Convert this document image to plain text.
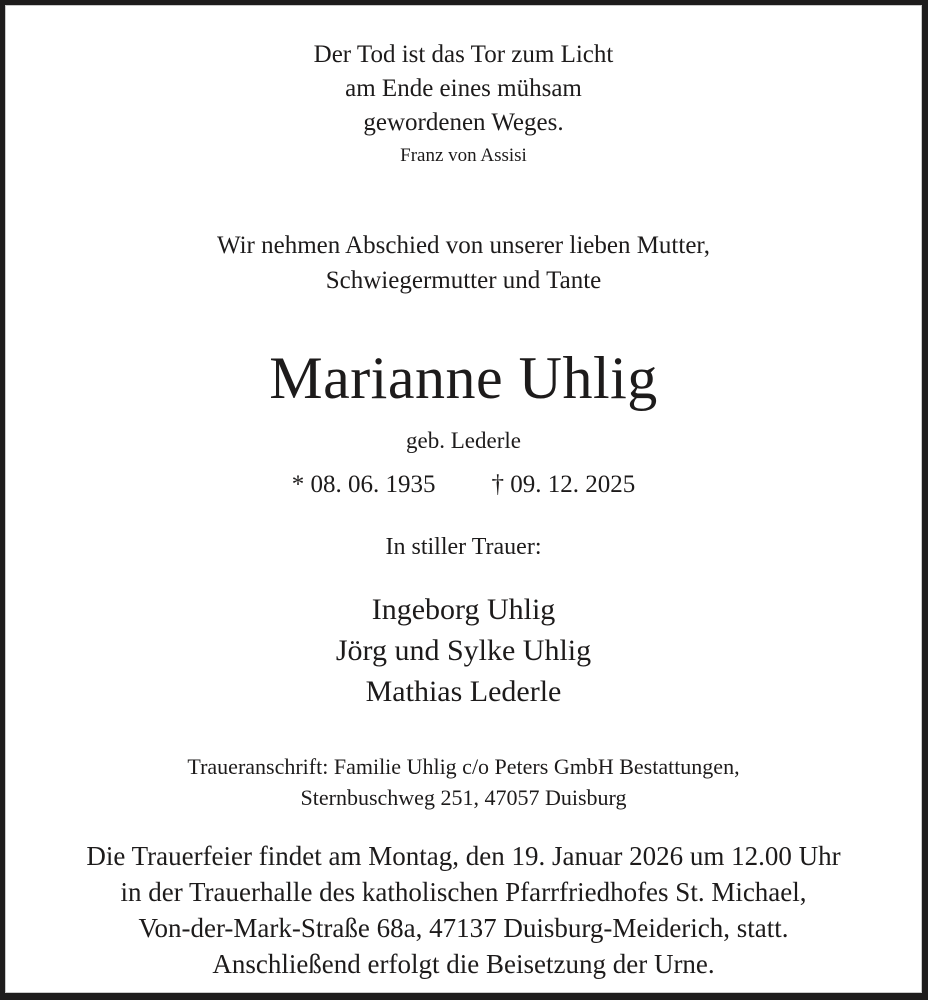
Der Tod ist das Tor zum Licht
am Ende eines mühsam
gewordenen Weges.
Franz von Assisi
Wir nehmen Abschied von unserer lieben Mutter,
Schwiegermutter und Tante
Marianne Uhlig
geb. Lederle
* 08. 06. 1935 † 09. 12. 2025
In stiller Trauer:
Ingeborg Uhlig
Jörg und Sylke Uhlig
Mathias Lederle
Traueranschrift: Familie Uhlig c/o Peters GmbH Bestattungen,
Sternbuschweg 251, 47057 Duisburg
Die Trauerfeier findet am Montag, den 19. Januar 2026 um 12.00 Uhr
in der Trauerhalle des katholischen Pfarrfriedhofes St. Michael,
Von-der-Mark-Straße 68a, 47137 Duisburg-Meiderich, statt.
Anschließend erfolgt die Beisetzung der Urne.
